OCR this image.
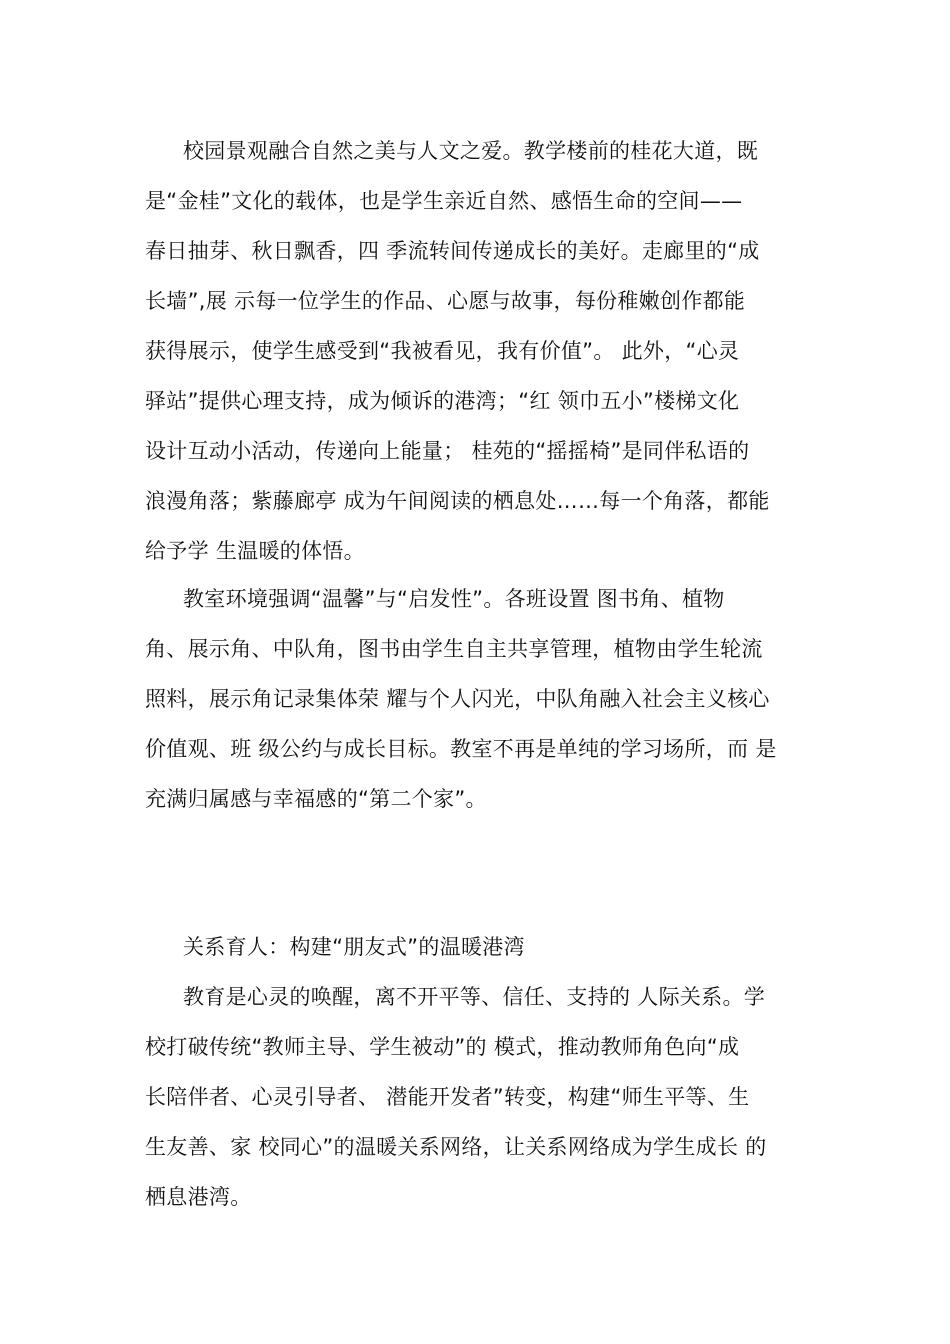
校园景观融合自然之美与人文之爱。教学楼前的桂花大道，既
是“金桂”文化的载体，也是学生亲近自然、感悟生命的空间——
春日抽芽、秋日飘香，四 季流转间传递成长的美好。走廊里的“成
长墙”,展 示每一位学生的作品、心愿与故事，每份稚嫩创作都能
获得展示，使学生感受到“我被看见，我有价值”。 此外，“心灵
驿站”提供心理支持，成为倾诉的港湾；“红 领巾五小”楼梯文化
设计互动小活动，传递向上能量； 桂苑的“摇摇椅”是同伴私语的
浪漫角落；紫藤廊亭 成为午间阅读的栖息处……每一个角落，都能
给予学 生温暖的体悟。
教室环境强调“温馨”与“启发性”。各班设置 图书角、植物
角、展示角、中队角，图书由学生自主共享管理，植物由学生轮流
照料，展示角记录集体荣 耀与个人闪光，中队角融入社会主义核心
价值观、班 级公约与成长目标。教室不再是单纯的学习场所，而 是
充满归属感与幸福感的“第二个家”。
关系育人：构建“朋友式”的温暖港湾
教育是心灵的唤醒，离不开平等、信任、支持的 人际关系。学
校打破传统“教师主导、学生被动”的 模式，推动教师角色向“成
长陪伴者、心灵引导者、 潜能开发者”转变，构建“师生平等、生
生友善、家 校同心”的温暖关系网络，让关系网络成为学生成长 的
栖息港湾。
